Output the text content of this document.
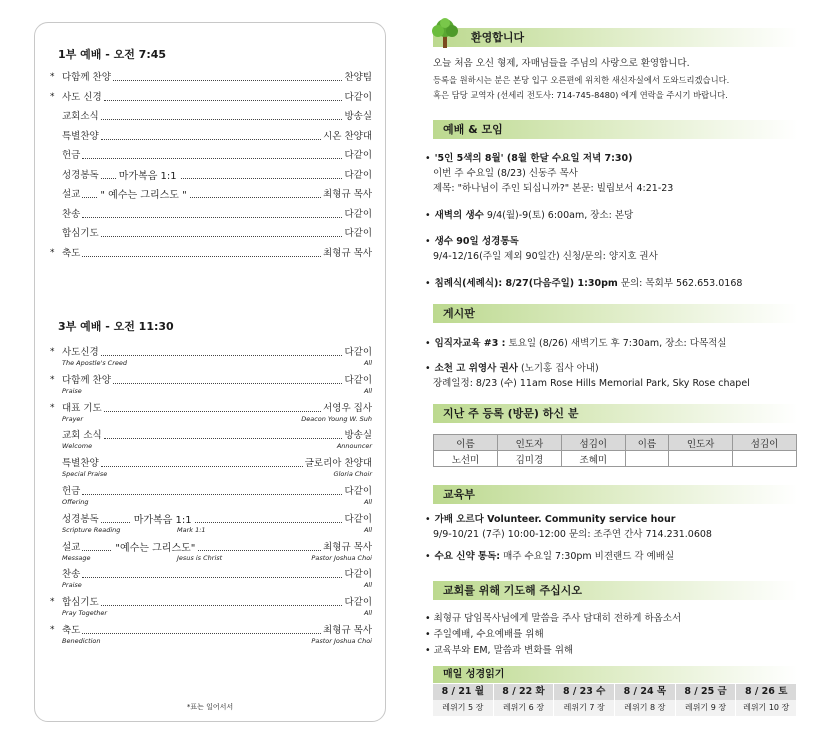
1부 예배 - 오전 7:45
* 다함께 찬양	찬양팀
* 사도 신경	다같이
교회소식	방송실
특별찬양	시온 찬양대
헌금	다같이
성경봉독	마가복음 1:1	다같이
설교	" 예수는 그리스도 "	최형규 목사
찬송	다같이
합심기도	다같이
* 축도	최형규 목사
3부 예배 - 오전 11:30
* 사도신경	다같이
The Apostle's Creed	All
* 다함께 찬양	다같이
Praise	All
* 대표 기도	서영우 집사
Prayer	Deacon Young W. Suh
교회 소식	방송실
Welcome	Announcer
특별찬양	글로리아 찬양대
Special Praise	Gloria Choir
헌금	다같이
Offering	All
성경봉독	마가복음 1:1	다같이
Scripture Reading	Mark 1:1	All
설교	"예수는 그리스도"	최형규 목사
Message	Jesus is Christ	Pastor Joshua Choi
찬송	다같이
Praise	All
* 합심기도	다같이
Pray Together	All
* 축도	최형규 목사
Benediction	Pastor Joshua Choi
*표는 일어서서
환영합니다
오늘 처음 오신 형제, 자매님들을 주님의 사랑으로 환영합니다.
등록을 원하시는 분은 본당 입구 오른편에 위치한 새신자실에서 도와드리겠습니다.
혹은 담당 교역자 (선세리 전도사: 714-745-8480) 에게 연락을 주시기 바랍니다.
예배 & 모임
• '5인 5색의 8월' (8월 한달 수요일 저녁 7:30)
이번 주 수요일 (8/23) 신동주 목사
제목: "하나님이 주인 되십니까?" 본문: 빌립보서 4:21-23
• 새벽의 생수 9/4(월)-9(토) 6:00am, 장소: 본당
• 생수 90일 성경통독
9/4-12/16(주일 제외 90일간) 신청/문의: 양지호 권사
• 침례식(세례식): 8/27(다음주일) 1:30pm 문의: 목회부 562.653.0168
게시판
• 임직자교육 #3 : 토요일 (8/26) 새벽기도 후 7:30am, 장소: 다목적실
• 소천 고 위영사 권사 (노기홍 집사 아내)
장례일정: 8/23 (수) 11am Rose Hills Memorial Park, Sky Rose chapel
지난 주 등록 (방문) 하신 분
이름	인도자	섬김이	이름	인도자	섬김이
노선미	김미경	조혜미			
교육부
• 가배 오르다 Volunteer. Community service hour
9/9-10/21 (7주) 10:00-12:00 문의: 조주연 간사 714.231.0608
• 수요 신약 통독: 매주 수요일 7:30pm 비젼랜드 각 예배실
교회를 위해 기도해 주십시오
• 최형규 담임목사님에게 말씀을 주사 담대히 전하게 하옵소서
• 주일예배, 수요예배를 위해
• 교육부와 EM, 말씀과 변화를 위해
매일 성경읽기
8 / 21 월	8 / 22 화	8 / 23 수	8 / 24 목	8 / 25 금	8 / 26 토
레위기 5 장	레위기 6 장	레위기 7 장	레위기 8 장	레위기 9 장	레위기 10 장
